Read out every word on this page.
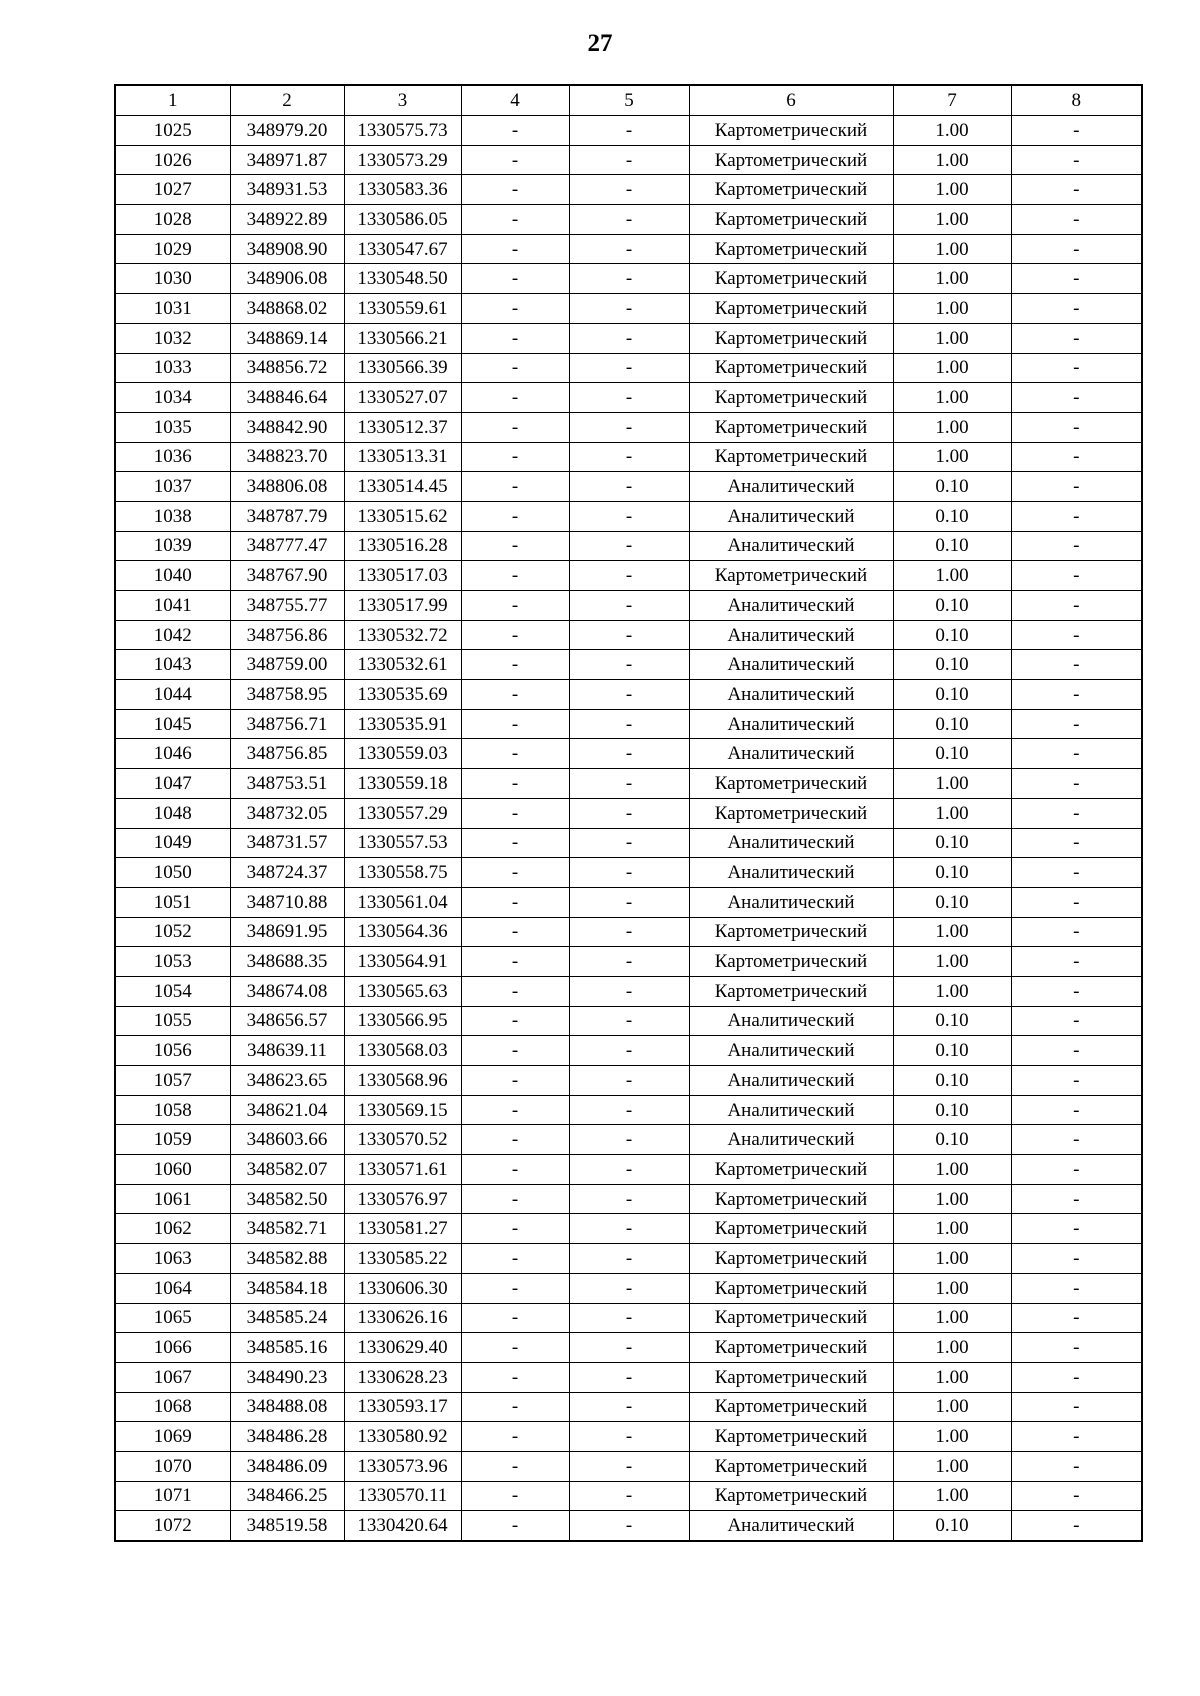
27
1	2	3	4	5	6	7	8
1025	348979.20	1330575.73	-	-	Картометрический	1.00	-
1026	348971.87	1330573.29	-	-	Картометрический	1.00	-
1027	348931.53	1330583.36	-	-	Картометрический	1.00	-
1028	348922.89	1330586.05	-	-	Картометрический	1.00	-
1029	348908.90	1330547.67	-	-	Картометрический	1.00	-
1030	348906.08	1330548.50	-	-	Картометрический	1.00	-
1031	348868.02	1330559.61	-	-	Картометрический	1.00	-
1032	348869.14	1330566.21	-	-	Картометрический	1.00	-
1033	348856.72	1330566.39	-	-	Картометрический	1.00	-
1034	348846.64	1330527.07	-	-	Картометрический	1.00	-
1035	348842.90	1330512.37	-	-	Картометрический	1.00	-
1036	348823.70	1330513.31	-	-	Картометрический	1.00	-
1037	348806.08	1330514.45	-	-	Аналитический	0.10	-
1038	348787.79	1330515.62	-	-	Аналитический	0.10	-
1039	348777.47	1330516.28	-	-	Аналитический	0.10	-
1040	348767.90	1330517.03	-	-	Картометрический	1.00	-
1041	348755.77	1330517.99	-	-	Аналитический	0.10	-
1042	348756.86	1330532.72	-	-	Аналитический	0.10	-
1043	348759.00	1330532.61	-	-	Аналитический	0.10	-
1044	348758.95	1330535.69	-	-	Аналитический	0.10	-
1045	348756.71	1330535.91	-	-	Аналитический	0.10	-
1046	348756.85	1330559.03	-	-	Аналитический	0.10	-
1047	348753.51	1330559.18	-	-	Картометрический	1.00	-
1048	348732.05	1330557.29	-	-	Картометрический	1.00	-
1049	348731.57	1330557.53	-	-	Аналитический	0.10	-
1050	348724.37	1330558.75	-	-	Аналитический	0.10	-
1051	348710.88	1330561.04	-	-	Аналитический	0.10	-
1052	348691.95	1330564.36	-	-	Картометрический	1.00	-
1053	348688.35	1330564.91	-	-	Картометрический	1.00	-
1054	348674.08	1330565.63	-	-	Картометрический	1.00	-
1055	348656.57	1330566.95	-	-	Аналитический	0.10	-
1056	348639.11	1330568.03	-	-	Аналитический	0.10	-
1057	348623.65	1330568.96	-	-	Аналитический	0.10	-
1058	348621.04	1330569.15	-	-	Аналитический	0.10	-
1059	348603.66	1330570.52	-	-	Аналитический	0.10	-
1060	348582.07	1330571.61	-	-	Картометрический	1.00	-
1061	348582.50	1330576.97	-	-	Картометрический	1.00	-
1062	348582.71	1330581.27	-	-	Картометрический	1.00	-
1063	348582.88	1330585.22	-	-	Картометрический	1.00	-
1064	348584.18	1330606.30	-	-	Картометрический	1.00	-
1065	348585.24	1330626.16	-	-	Картометрический	1.00	-
1066	348585.16	1330629.40	-	-	Картометрический	1.00	-
1067	348490.23	1330628.23	-	-	Картометрический	1.00	-
1068	348488.08	1330593.17	-	-	Картометрический	1.00	-
1069	348486.28	1330580.92	-	-	Картометрический	1.00	-
1070	348486.09	1330573.96	-	-	Картометрический	1.00	-
1071	348466.25	1330570.11	-	-	Картометрический	1.00	-
1072	348519.58	1330420.64	-	-	Аналитический	0.10	-
